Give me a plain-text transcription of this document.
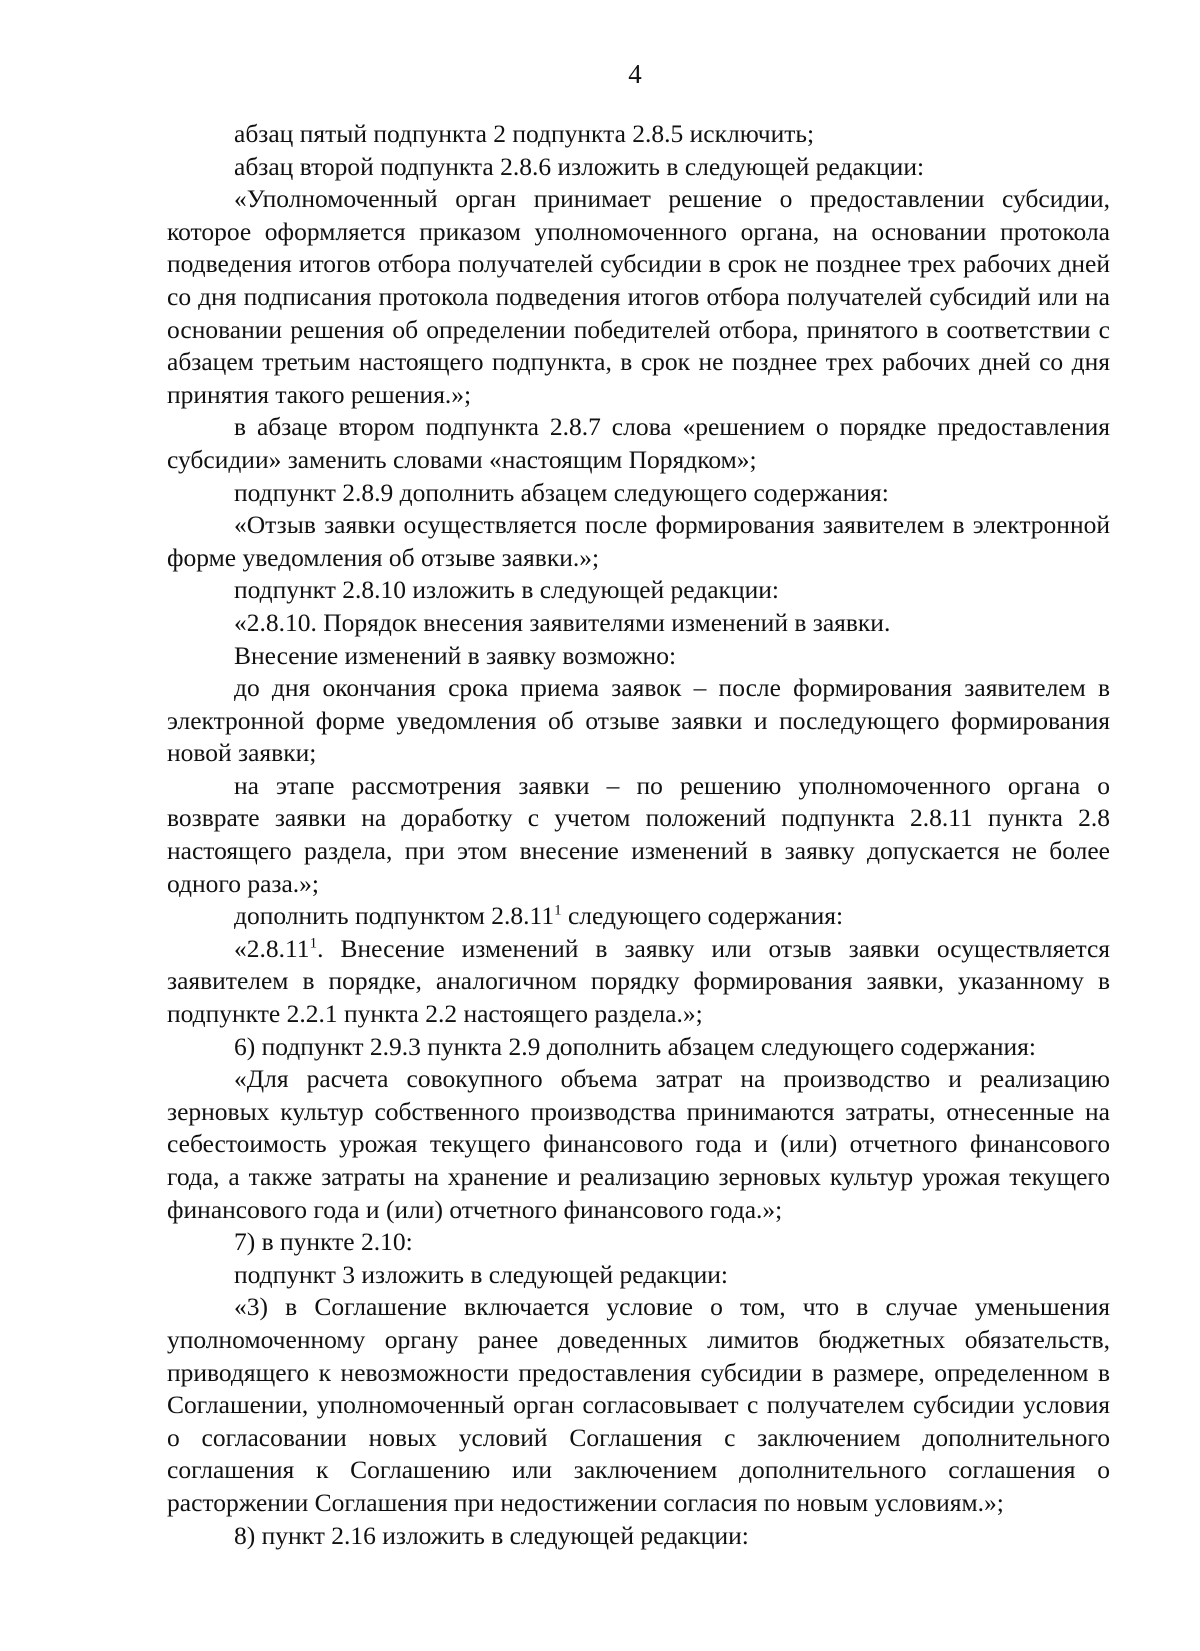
4

абзац пятый подпункта 2 подпункта 2.8.5 исключить;

абзац второй подпункта 2.8.6 изложить в следующей редакции:

«Уполномоченный орган принимает решение о предоставлении субсидии, которое оформляется приказом уполномоченного органа, на основании протокола подведения итогов отбора получателей субсидии в срок не позднее трех рабочих дней со дня подписания протокола подведения итогов отбора получателей субсидий или на основании решения об определении победителей отбора, принятого в соответствии с абзацем третьим настоящего подпункта, в срок не позднее трех рабочих дней со дня принятия такого решения.»;

в абзаце втором подпункта 2.8.7 слова «решением о порядке предоставления субсидии» заменить словами «настоящим Порядком»;

подпункт 2.8.9 дополнить абзацем следующего содержания:

«Отзыв заявки осуществляется после формирования заявителем в электронной форме уведомления об отзыве заявки.»;

подпункт 2.8.10 изложить в следующей редакции:

«2.8.10. Порядок внесения заявителями изменений в заявки.

Внесение изменений в заявку возможно:

до дня окончания срока приема заявок – после формирования заявителем в электронной форме уведомления об отзыве заявки и последующего формирования новой заявки;

на этапе рассмотрения заявки – по решению уполномоченного органа о возврате заявки на доработку с учетом положений подпункта 2.8.11 пункта 2.8 настоящего раздела, при этом внесение изменений в заявку допускается не более одного раза.»;

дополнить подпунктом 2.8.11$^1$ следующего содержания:

«2.8.11$^1$. Внесение изменений в заявку или отзыв заявки осуществляется заявителем в порядке, аналогичном порядку формирования заявки, указанному в подпункте 2.2.1 пункта 2.2 настоящего раздела.»;

6) подпункт 2.9.3 пункта 2.9 дополнить абзацем следующего содержания:

«Для расчета совокупного объема затрат на производство и реализацию зерновых культур собственного производства принимаются затраты, отнесенные на себестоимость урожая текущего финансового года и (или) отчетного финансового года, а также затраты на хранение и реализацию зерновых культур урожая текущего финансового года и (или) отчетного финансового года.»;

7) в пункте 2.10:

подпункт 3 изложить в следующей редакции:

«3) в Соглашение включается условие о том, что в случае уменьшения уполномоченному органу ранее доведенных лимитов бюджетных обязательств, приводящего к невозможности предоставления субсидии в размере, определенном в Соглашении, уполномоченный орган согласовывает с получателем субсидии условия о согласовании новых условий Соглашения с заключением дополнительного соглашения к Соглашению или заключением дополнительного соглашения о расторжении Соглашения при недостижении согласия по новым условиям.»;

8) пункт 2.16 изложить в следующей редакции:
